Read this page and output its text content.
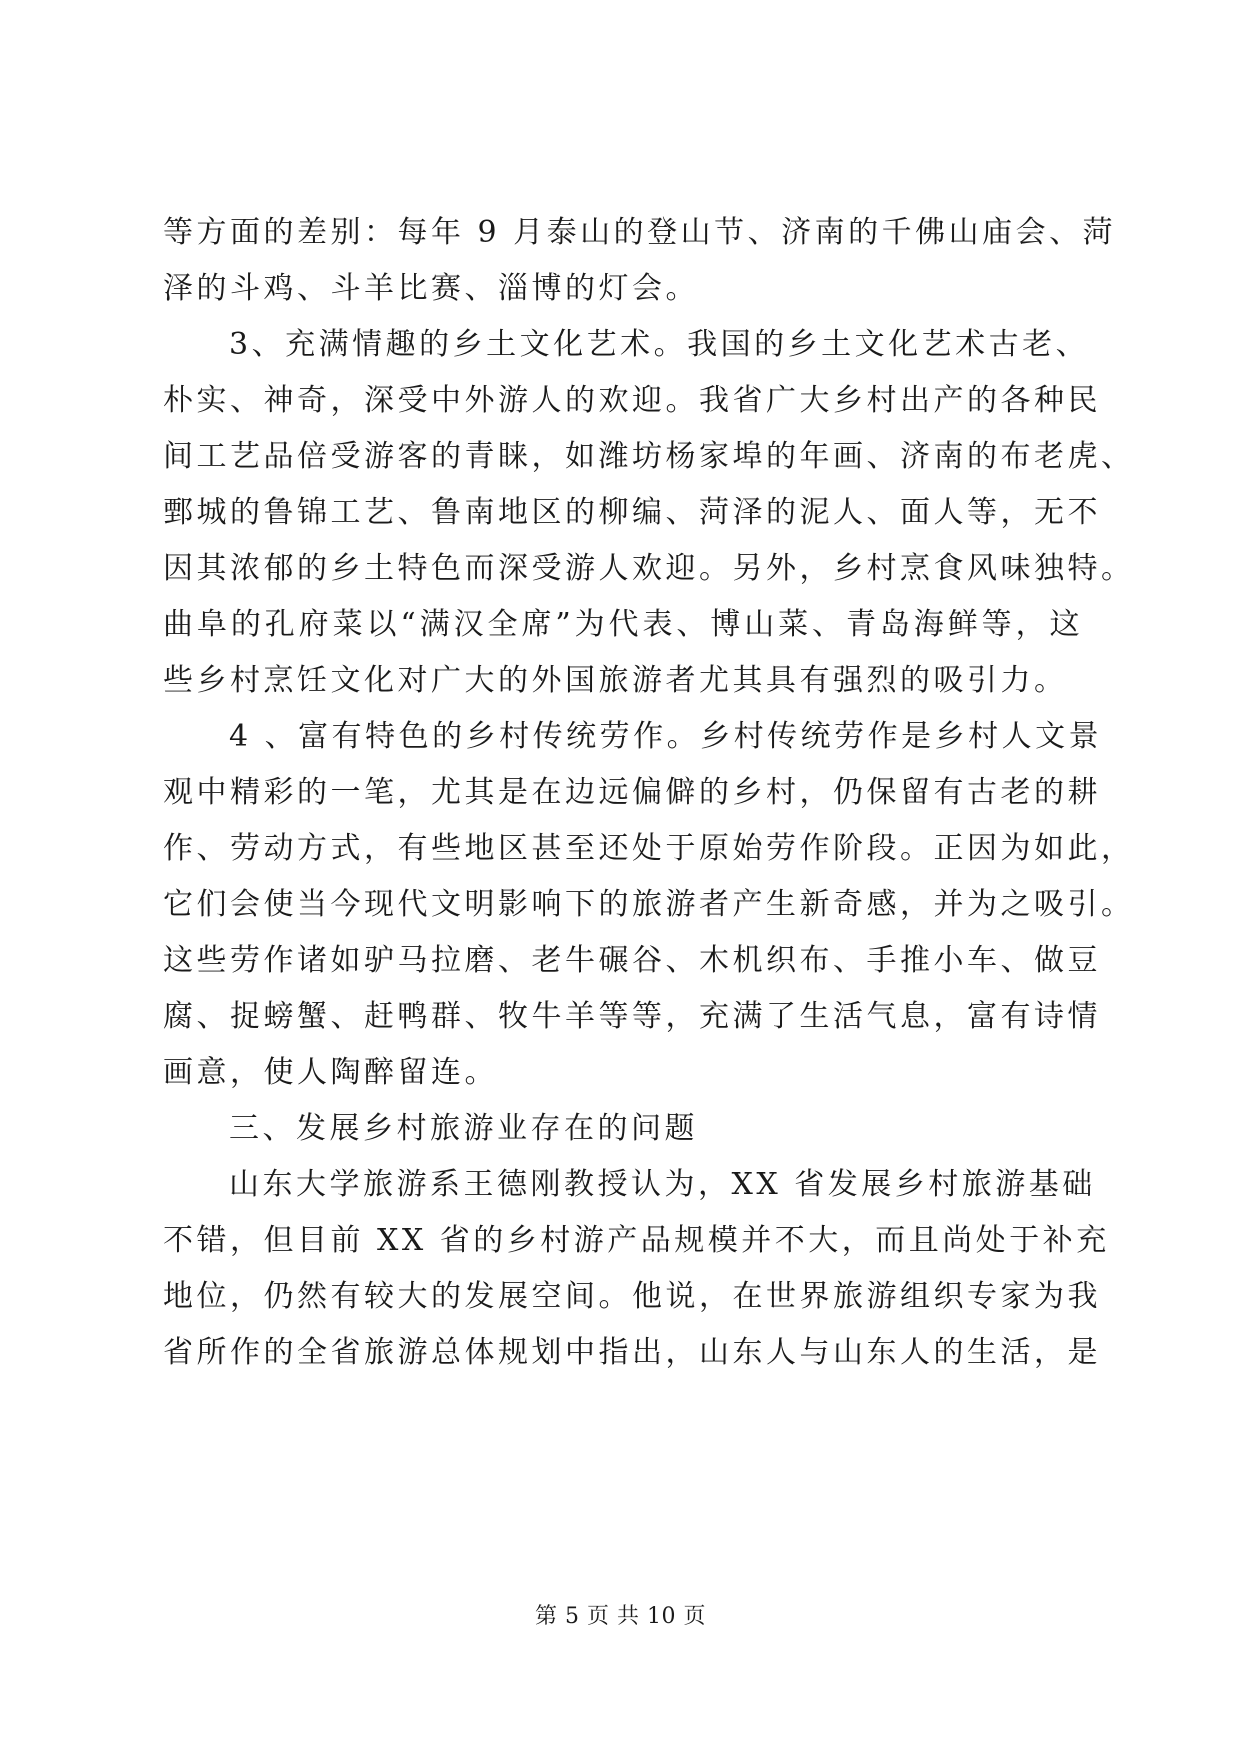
等方面的差别：每年 9 月泰山的登山节、济南的千佛山庙会、菏
泽的斗鸡、斗羊比赛、淄博的灯会。
3、充满情趣的乡土文化艺术。我国的乡土文化艺术古老、
朴实、神奇，深受中外游人的欢迎。我省广大乡村出产的各种民
间工艺品倍受游客的青睐，如潍坊杨家埠的年画、济南的布老虎、
鄄城的鲁锦工艺、鲁南地区的柳编、菏泽的泥人、面人等，无不
因其浓郁的乡土特色而深受游人欢迎。另外，乡村烹食风味独特。
曲阜的孔府菜以“满汉全席”为代表、博山菜、青岛海鲜等，这
些乡村烹饪文化对广大的外国旅游者尤其具有强烈的吸引力。
4 、富有特色的乡村传统劳作。乡村传统劳作是乡村人文景
观中精彩的一笔，尤其是在边远偏僻的乡村，仍保留有古老的耕
作、劳动方式，有些地区甚至还处于原始劳作阶段。正因为如此，
它们会使当今现代文明影响下的旅游者产生新奇感，并为之吸引。
这些劳作诸如驴马拉磨、老牛碾谷、木机织布、手推小车、做豆
腐、捉螃蟹、赶鸭群、牧牛羊等等，充满了生活气息，富有诗情
画意，使人陶醉留连。
三、发展乡村旅游业存在的问题
山东大学旅游系王德刚教授认为，XX 省发展乡村旅游基础
不错，但目前 XX 省的乡村游产品规模并不大，而且尚处于补充
地位，仍然有较大的发展空间。他说，在世界旅游组织专家为我
省所作的全省旅游总体规划中指出，山东人与山东人的生活，是
第 5 页 共 10 页
